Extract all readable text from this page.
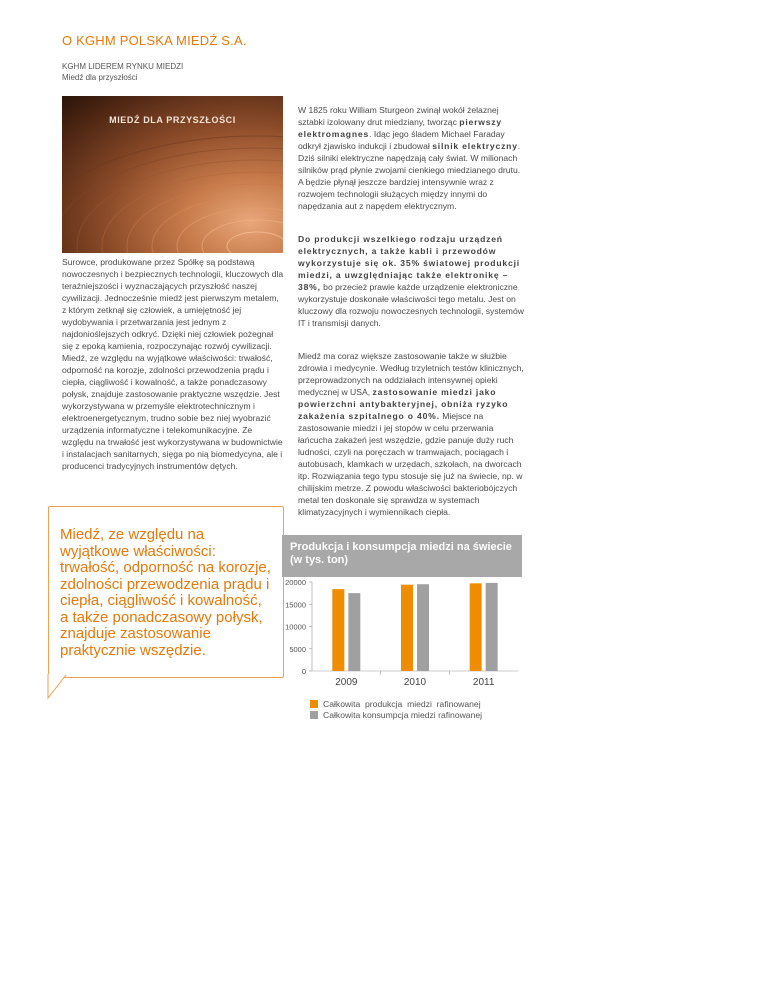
O KGHM POLSKA MIEDŹ S.A.
KGHM LIDEREM RYNKU MIEDZI
Miedź dla przyszłości
MIEDŹ DLA PRZYSZŁOŚCI
Surowce, produkowane przez Spółkę są podstawą nowoczesnych i bezpiecznych technologii, kluczowych dla teraźniejszości i wyznaczających przyszłość naszej cywilizacji. Jednocześnie miedź jest pierwszym metalem, z którym zetknął się człowiek, a umiejętność jej wydobywania i przetwarzania jest jednym z najdonioślejszych odkryć. Dzięki niej człowiek pożegnał się z epoką kamienia, rozpoczynając rozwój cywilizacji. Miedź, ze względu na wyjątkowe właściwości: trwałość, odporność na korozje, zdolności przewodzenia prądu i ciepła, ciągliwość i kowalność, a także ponadczasowy połysk, znajduje zastosowanie praktyczne wszędzie. Jest wykorzystywana w przemyśle elektrotechnicznym i elektroenergetycznym, trudno sobie bez niej wyobrazić urządzenia informatyczne i telekomunikacyjne. Ze względu na trwałość jest wykorzystywana w budownictwie i instalacjach sanitarnych, sięga po nią biomedycyna, ale i producenci tradycyjnych instrumentów dętych.
W 1825 roku William Sturgeon zwinął wokół żelaznej sztabki izolowany drut miedziany, tworząc pierwszy elektromagnes. Idąc jego śladem Michael Faraday odkrył zjawisko indukcji i zbudował silnik elektryczny. Dziś silniki elektryczne napędzają cały świat. W milionach silników prąd płynie zwojami cienkiego miedzianego drutu. A będzie płynął jeszcze bardziej intensywnie wraz z rozwojem technologii służących między innymi do napędzania aut z napędem elektrycznym.
Do produkcji wszelkiego rodzaju urządzeń elektrycznych, a także kabli i przewodów wykorzystuje się ok. 35% światowej produkcji miedzi, a uwzględniając także elektronikę – 38%, bo przecież prawie każde urządzenie elektroniczne wykorzystuje doskonałe właściwości tego metalu. Jest on kluczowy dla rozwoju nowoczesnych technologii, systemów IT i transmisji danych.
Miedź ma coraz większe zastosowanie także w służbie zdrowia i medycynie. Według trzyletnich testów klinicznych, przeprowadzonych na oddziałach intensywnej opieki medycznej w USA, zastosowanie miedzi jako powierzchni antybakteryjnej, obniża ryzyko zakażenia szpitalnego o 40%. Miejsce na zastosowanie miedzi i jej stopów w celu przerwania łańcucha zakażeń jest wszędzie, gdzie panuje duży ruch ludności, czyli na poręczach w tramwajach, pociągach i autobusach, klamkach w urzędach, szkołach, na dworcach itp. Rozwiązania tego typu stosuje się już na świecie, np. w chilijskim metrze. Z powodu właściwości bakteriobójczych metal ten doskonale się sprawdza w systemach klimatyzacyjnych i wymiennikach ciepła.
Miedź, ze względu na wyjątkowe właściwości: trwałość, odporność na korozje, zdolności przewodzenia prądu i ciepła, ciągliwość i kowalność, a także ponadczasowy połysk, znajduje zastosowanie praktycznie wszędzie.
Produkcja i konsumpcja miedzi na świecie (w tys. ton)
0
5000
10000
15000
20000
2009	2010	2011
Całkowita  produkcja  miedzi  rafinowanej
Całkowita konsumpcja miedzi rafinowanej
